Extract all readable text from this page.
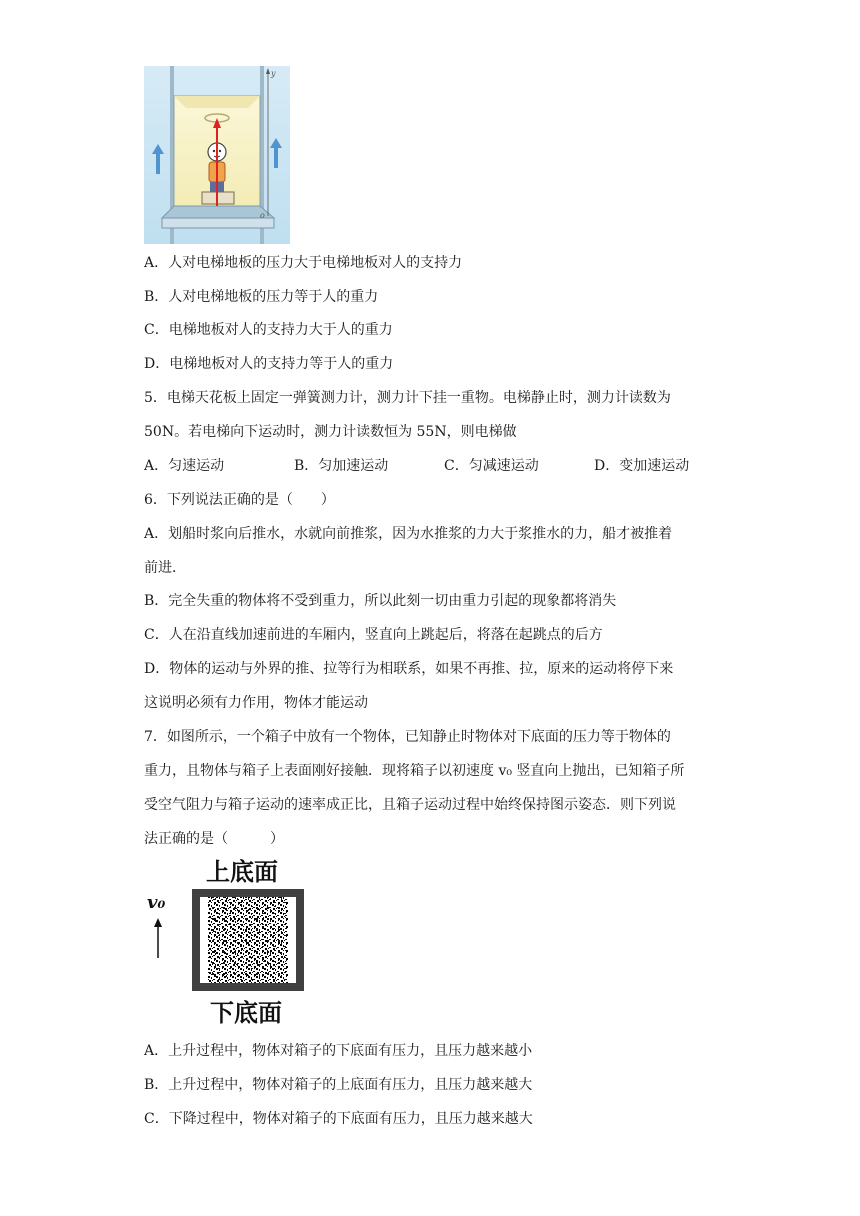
y
o
A．人对电梯地板的压力大于电梯地板对人的支持力
B．人对电梯地板的压力等于人的重力
C．电梯地板对人的支持力大于人的重力
D．电梯地板对人的支持力等于人的重力
5．电梯天花板上固定一弹簧测力计，测力计下挂一重物。电梯静止时，测力计读数为
50N。若电梯向下运动时，测力计读数恒为 55N，则电梯做
A．匀速运动	B．匀加速运动	C．匀减速运动	D．变加速运动
6．下列说法正确的是（　　）
A．划船时浆向后推水，水就向前推浆，因为水推浆的力大于浆推水的力，船才被推着
前进．
B．完全失重的物体将不受到重力，所以此刻一切由重力引起的现象都将消失
C．人在沿直线加速前进的车厢内，竖直向上跳起后，将落在起跳点的后方
D．物体的运动与外界的推、拉等行为相联系，如果不再推、拉，原来的运动将停下来
这说明必须有力作用，物体才能运动
7．如图所示，一个箱子中放有一个物体，已知静止时物体对下底面的压力等于物体的
重力，且物体与箱子上表面刚好接触．现将箱子以初速度 v₀ 竖直向上抛出，已知箱子所
受空气阻力与箱子运动的速率成正比，且箱子运动过程中始终保持图示姿态．则下列说
法正确的是（　　　）
上底面
v₀
下底面
A．上升过程中，物体对箱子的下底面有压力，且压力越来越小
B．上升过程中，物体对箱子的上底面有压力，且压力越来越大
C．下降过程中，物体对箱子的下底面有压力，且压力越来越大
